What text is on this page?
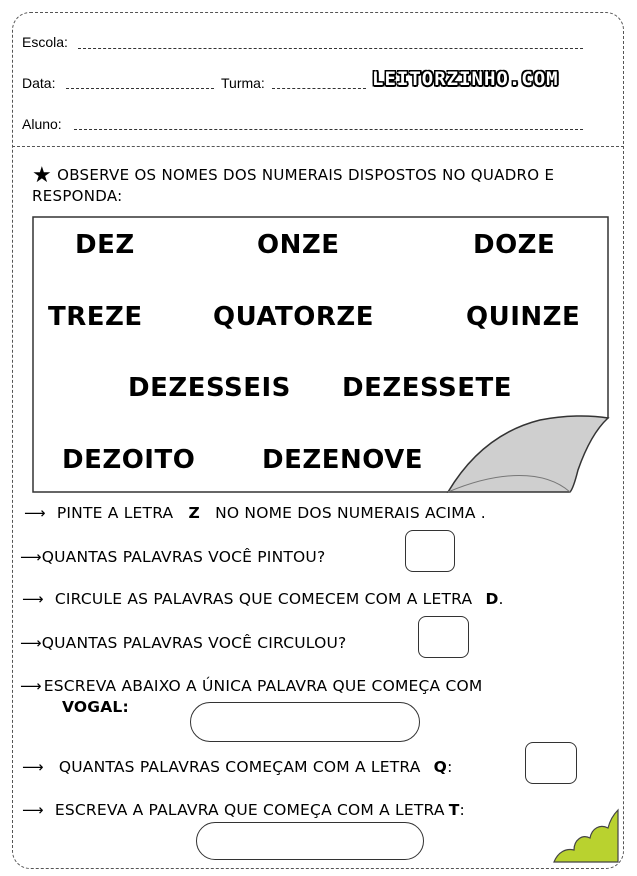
Escola:
Data:	Turma:	LEITORZINHO.COM
Aluno:
★ OBSERVE OS NOMES DOS NUMERAIS DISPOSTOS NO QUADRO E RESPONDA:
DEZ	ONZE	DOZE
TREZE	QUATORZE	QUINZE
DEZESSEIS DEZESSETE
DEZOITO	DEZENOVE
⟶ PINTE A LETRA Z NO NOME DOS NUMERAIS ACIMA .
⟶QUANTAS PALAVRAS VOCÊ PINTOU?
⟶ CIRCULE AS PALAVRAS QUE COMECEM COM A LETRA D.
⟶QUANTAS PALAVRAS VOCÊ CIRCULOU?
⟶ ESCREVA ABAIXO A ÚNICA PALAVRA QUE COMEÇA COM
VOGAL:
⟶ QUANTAS PALAVRAS COMEÇAM COM A LETRA Q:
⟶ ESCREVA A PALAVRA QUE COMEÇA COM A LETRA T:
